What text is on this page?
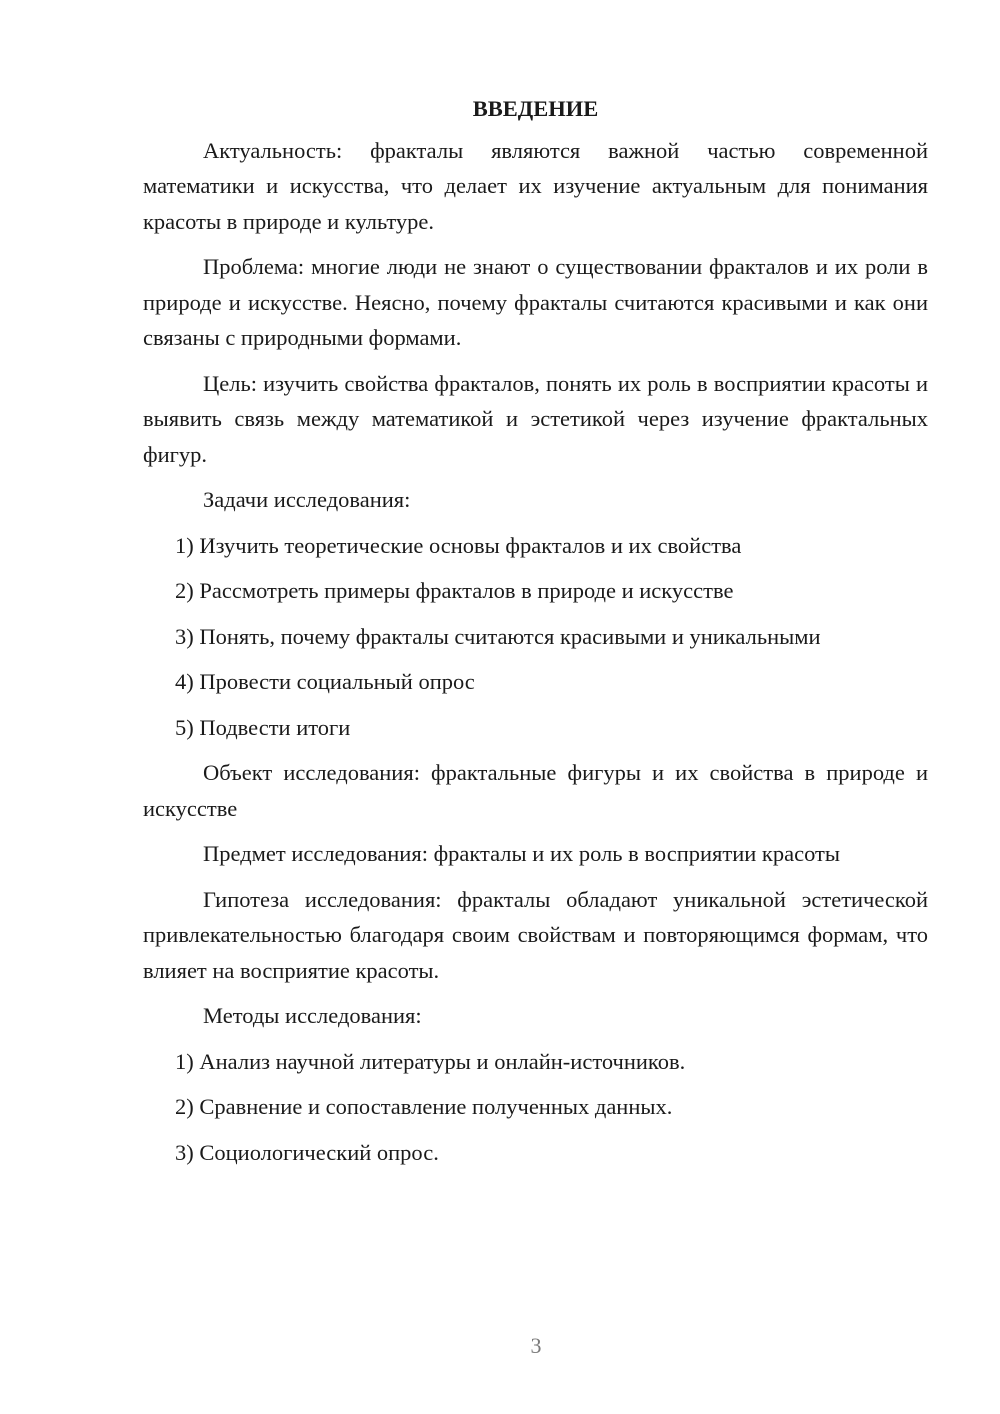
ВВЕДЕНИЕ

Актуальность: фракталы являются важной частью современной математики и искусства, что делает их изучение актуальным для понимания красоты в природе и культуре.

Проблема: многие люди не знают о существовании фракталов и их роли в природе и искусстве. Неясно, почему фракталы считаются красивыми и как они связаны с природными формами.

Цель: изучить свойства фракталов, понять их роль в восприятии красоты и выявить связь между математикой и эстетикой через изучение фрактальных фигур.

Задачи исследования:

1) Изучить теоретические основы фракталов и их свойства
2) Рассмотреть примеры фракталов в природе и искусстве
3) Понять, почему фракталы считаются красивыми и уникальными
4) Провести социальный опрос
5) Подвести итоги

Объект исследования: фрактальные фигуры и их свойства в природе и искусстве

Предмет исследования: фракталы и их роль в восприятии красоты

Гипотеза исследования: фракталы обладают уникальной эстетической привлекательностью благодаря своим свойствам и повторяющимся формам, что влияет на восприятие красоты.

Методы исследования:

1) Анализ научной литературы и онлайн-источников.
2) Сравнение и сопоставление полученных данных.
3) Социологический опрос.
3
